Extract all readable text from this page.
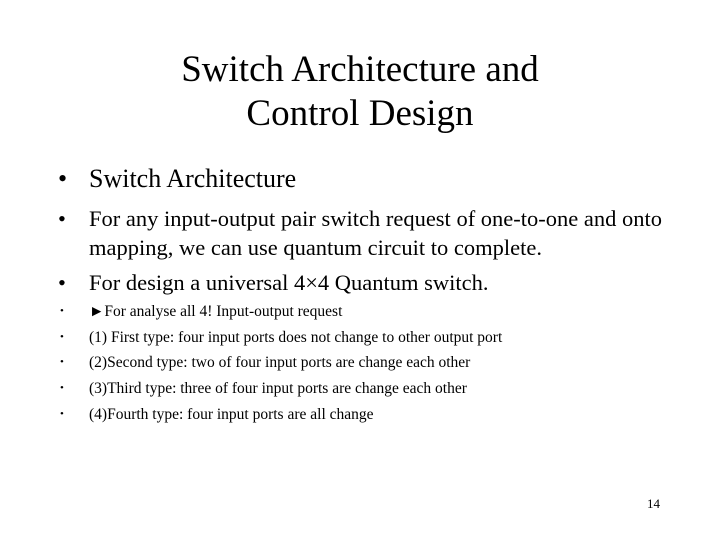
Switch Architecture and
Control Design
• Switch Architecture
•	For any input-output pair switch request of one-to-one and onto mapping, we can use quantum circuit to complete.
•	For design a universal 4×4 Quantum switch.
• ►For analyse all 4! Input-output request
• (1) First type: four input ports does not change to other output port
• (2)Second type: two of four input ports are change each other
• (3)Third type: three of four input ports are change each other
• (4)Fourth type: four input ports are all change
14
